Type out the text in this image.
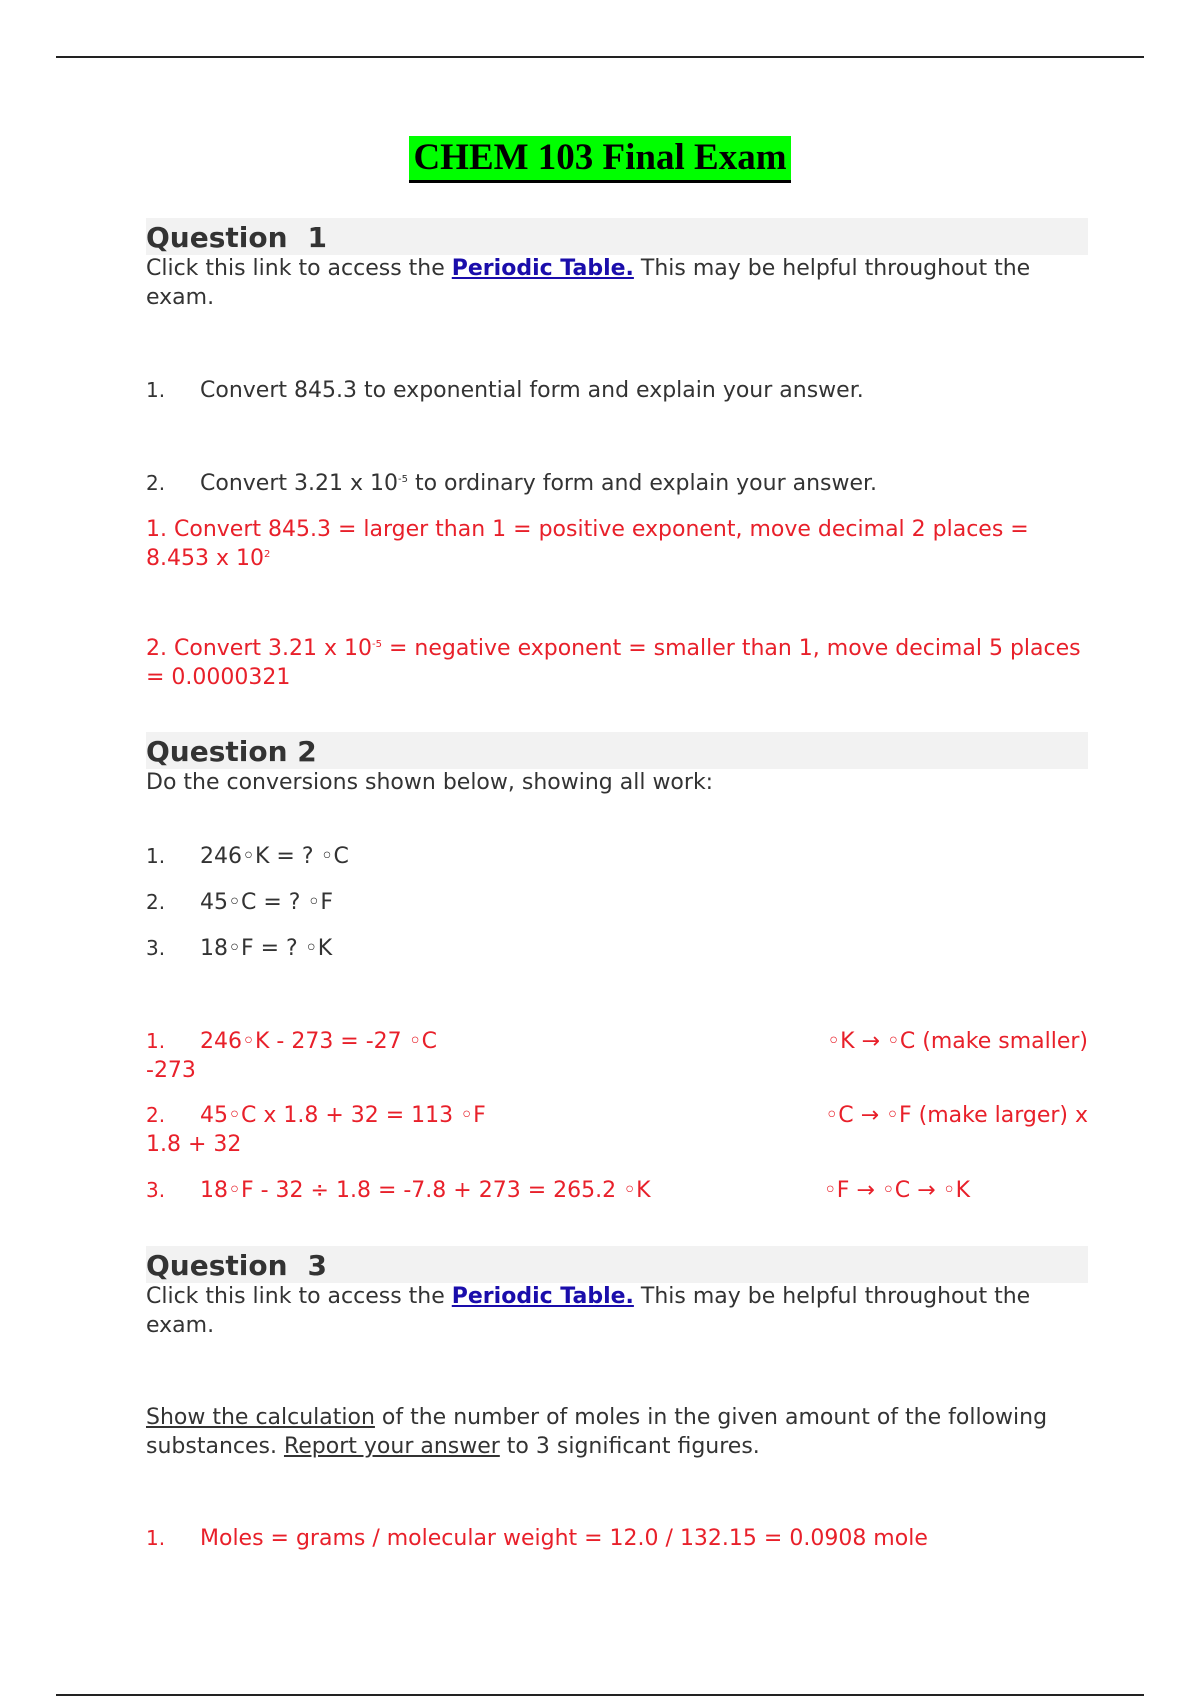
CHEM 103 Final Exam
Question 1

Click this link to access the Periodic Table. This may be helpful throughout the exam.

1. Convert 845.3 to exponential form and explain your answer.
2. Convert 3.21 x $10^{-5}$ to ordinary form and explain your answer.
1. Convert 845.3 = larger than 1 = positive exponent, move decimal 2 places = 8.453 x $10^2$
2. Convert 3.21 x $10^{-5}$ = negative exponent = smaller than 1, move decimal 5 places = 0.0000321
Question 2

Do the conversions shown below, showing all work:

1. 246◦K = ? ◦C
2. 45◦C = ? ◦F
3. 18◦F = ? ◦K
1. 246◦K - 273 = -27 ◦C	◦K → ◦C (make smaller)
-273
2. 45◦C x 1.8 + 32 = 113 ◦F	◦C → ◦F (make larger) x
1.8 + 32
3. 18◦F - 32 ÷ 1.8 = -7.8 + 273 = 265.2 ◦K	◦F → ◦C → ◦K
Question 3

Click this link to access the Periodic Table. This may be helpful throughout the exam.

Show the calculation of the number of moles in the given amount of the following substances. Report your answer to 3 significant figures.

1. Moles = grams / molecular weight = 12.0 / 132.15 = 0.0908 mole
